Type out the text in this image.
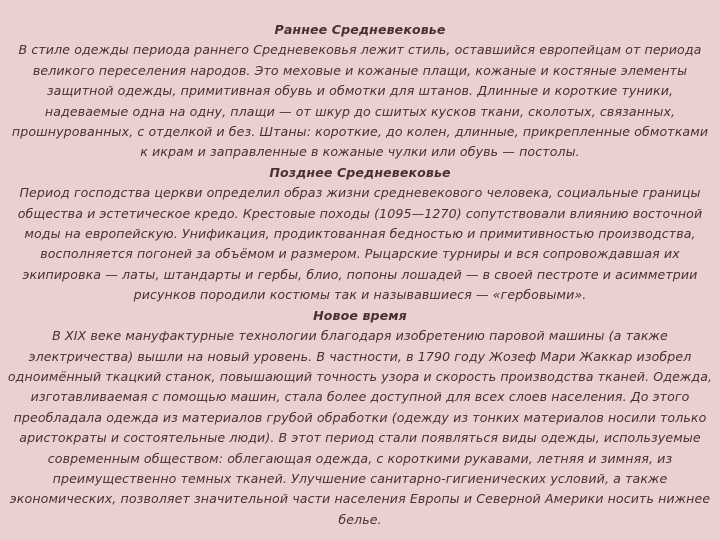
Раннее Средневековье
В стиле одежды периода раннего Средневековья лежит стиль, оставшийся европейцам от периода великого переселения народов. Это меховые и кожаные плащи, кожаные и костяные элементы защитной одежды, примитивная обувь и обмотки для штанов. Длинные и короткие туники, надеваемые одна на одну, плащи — от шкур до сшитых кусков ткани, сколотых, связанных, прошнурованных, с отделкой и без. Штаны: короткие, до колен, длинные, прикрепленные обмотками к икрам и заправленные в кожаные чулки или обувь — постолы.
Позднее Средневековье
Период господства церкви определил образ жизни средневекового человека, социальные границы общества и эстетическое кредо. Крестовые походы (1095—1270) сопутствовали влиянию восточной моды на европейскую. Унификация, продиктованная бедностью и примитивностью производства, восполняется погоней за объёмом и размером. Рыцарские турниры и вся сопровождавшая их экипировка — латы, штандарты и гербы, блио, попоны лошадей — в своей пестроте и асимметрии рисунков породили костюмы так и называвшиеся — «гербовыми».
Новое время
В XIX веке мануфактурные технологии благодаря изобретению паровой машины (а также электричества) вышли на новый уровень. В частности, в 1790 году Жозеф Мари Жаккар изобрел одноимённый ткацкий станок, повышающий точность узора и скорость производства тканей. Одежда, изготавливаемая с помощью машин, стала более доступной для всех слоев населения. До этого преобладала одежда из материалов грубой обработки (одежду из тонких материалов носили только аристократы и состоятельные люди). В этот период стали появляться виды одежды, используемые современным обществом: облегающая одежда, с короткими рукавами, летняя и зимняя, из преимущественно темных тканей. Улучшение санитарно-гигиенических условий, а также экономических, позволяет значительной части населения Европы и Северной Америки носить нижнее белье.
